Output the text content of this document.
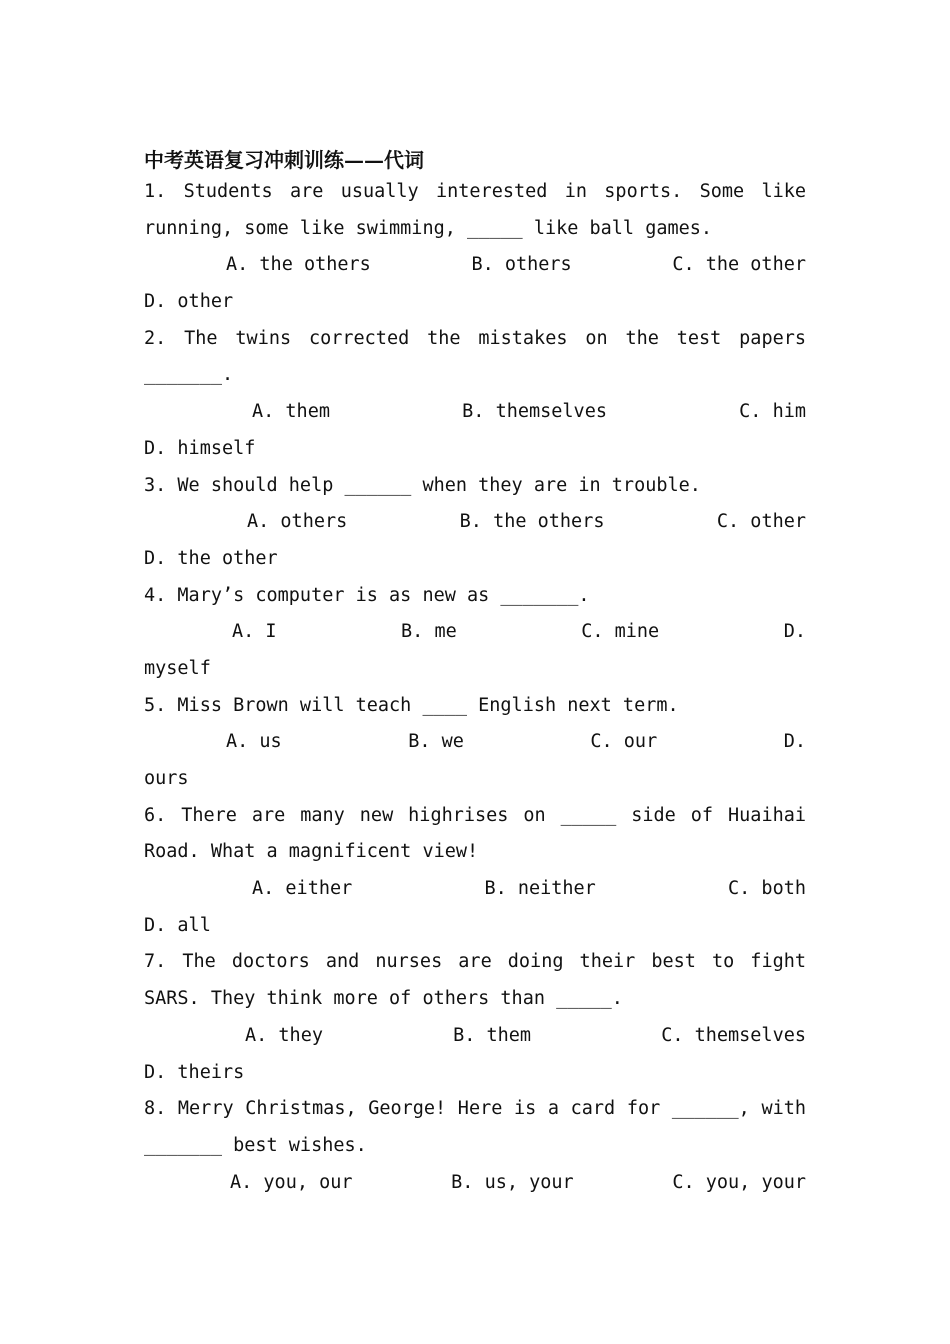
中考英语复习冲刺训练——代词
1. Students are usually interested in sports. Some like
running, some like swimming, _____ like ball games.
A. the others	B. others	C. the other
D. other
2. The twins corrected the mistakes on the test papers
_______.
A. them	B. themselves	C. him
D. himself
3. We should help ______ when they are in trouble.
A. others	B. the others	C. other
D. the other
4. Mary’s computer is as new as _______.
A. I	B. me	C. mine	D.
myself
5. Miss Brown will teach ____ English next term.
A. us	B. we	C. our	D.
ours
6. There are many new highrises on _____ side of Huaihai
Road. What a magnificent view!
A. either	B. neither	C. both
D. all
7. The doctors and nurses are doing their best to fight
SARS. They think more of others than _____.
A. they	B. them	C. themselves
D. theirs
8. Merry Christmas, George! Here is a card for ______, with
_______ best wishes.
A. you, our	B. us, your	C. you, your
